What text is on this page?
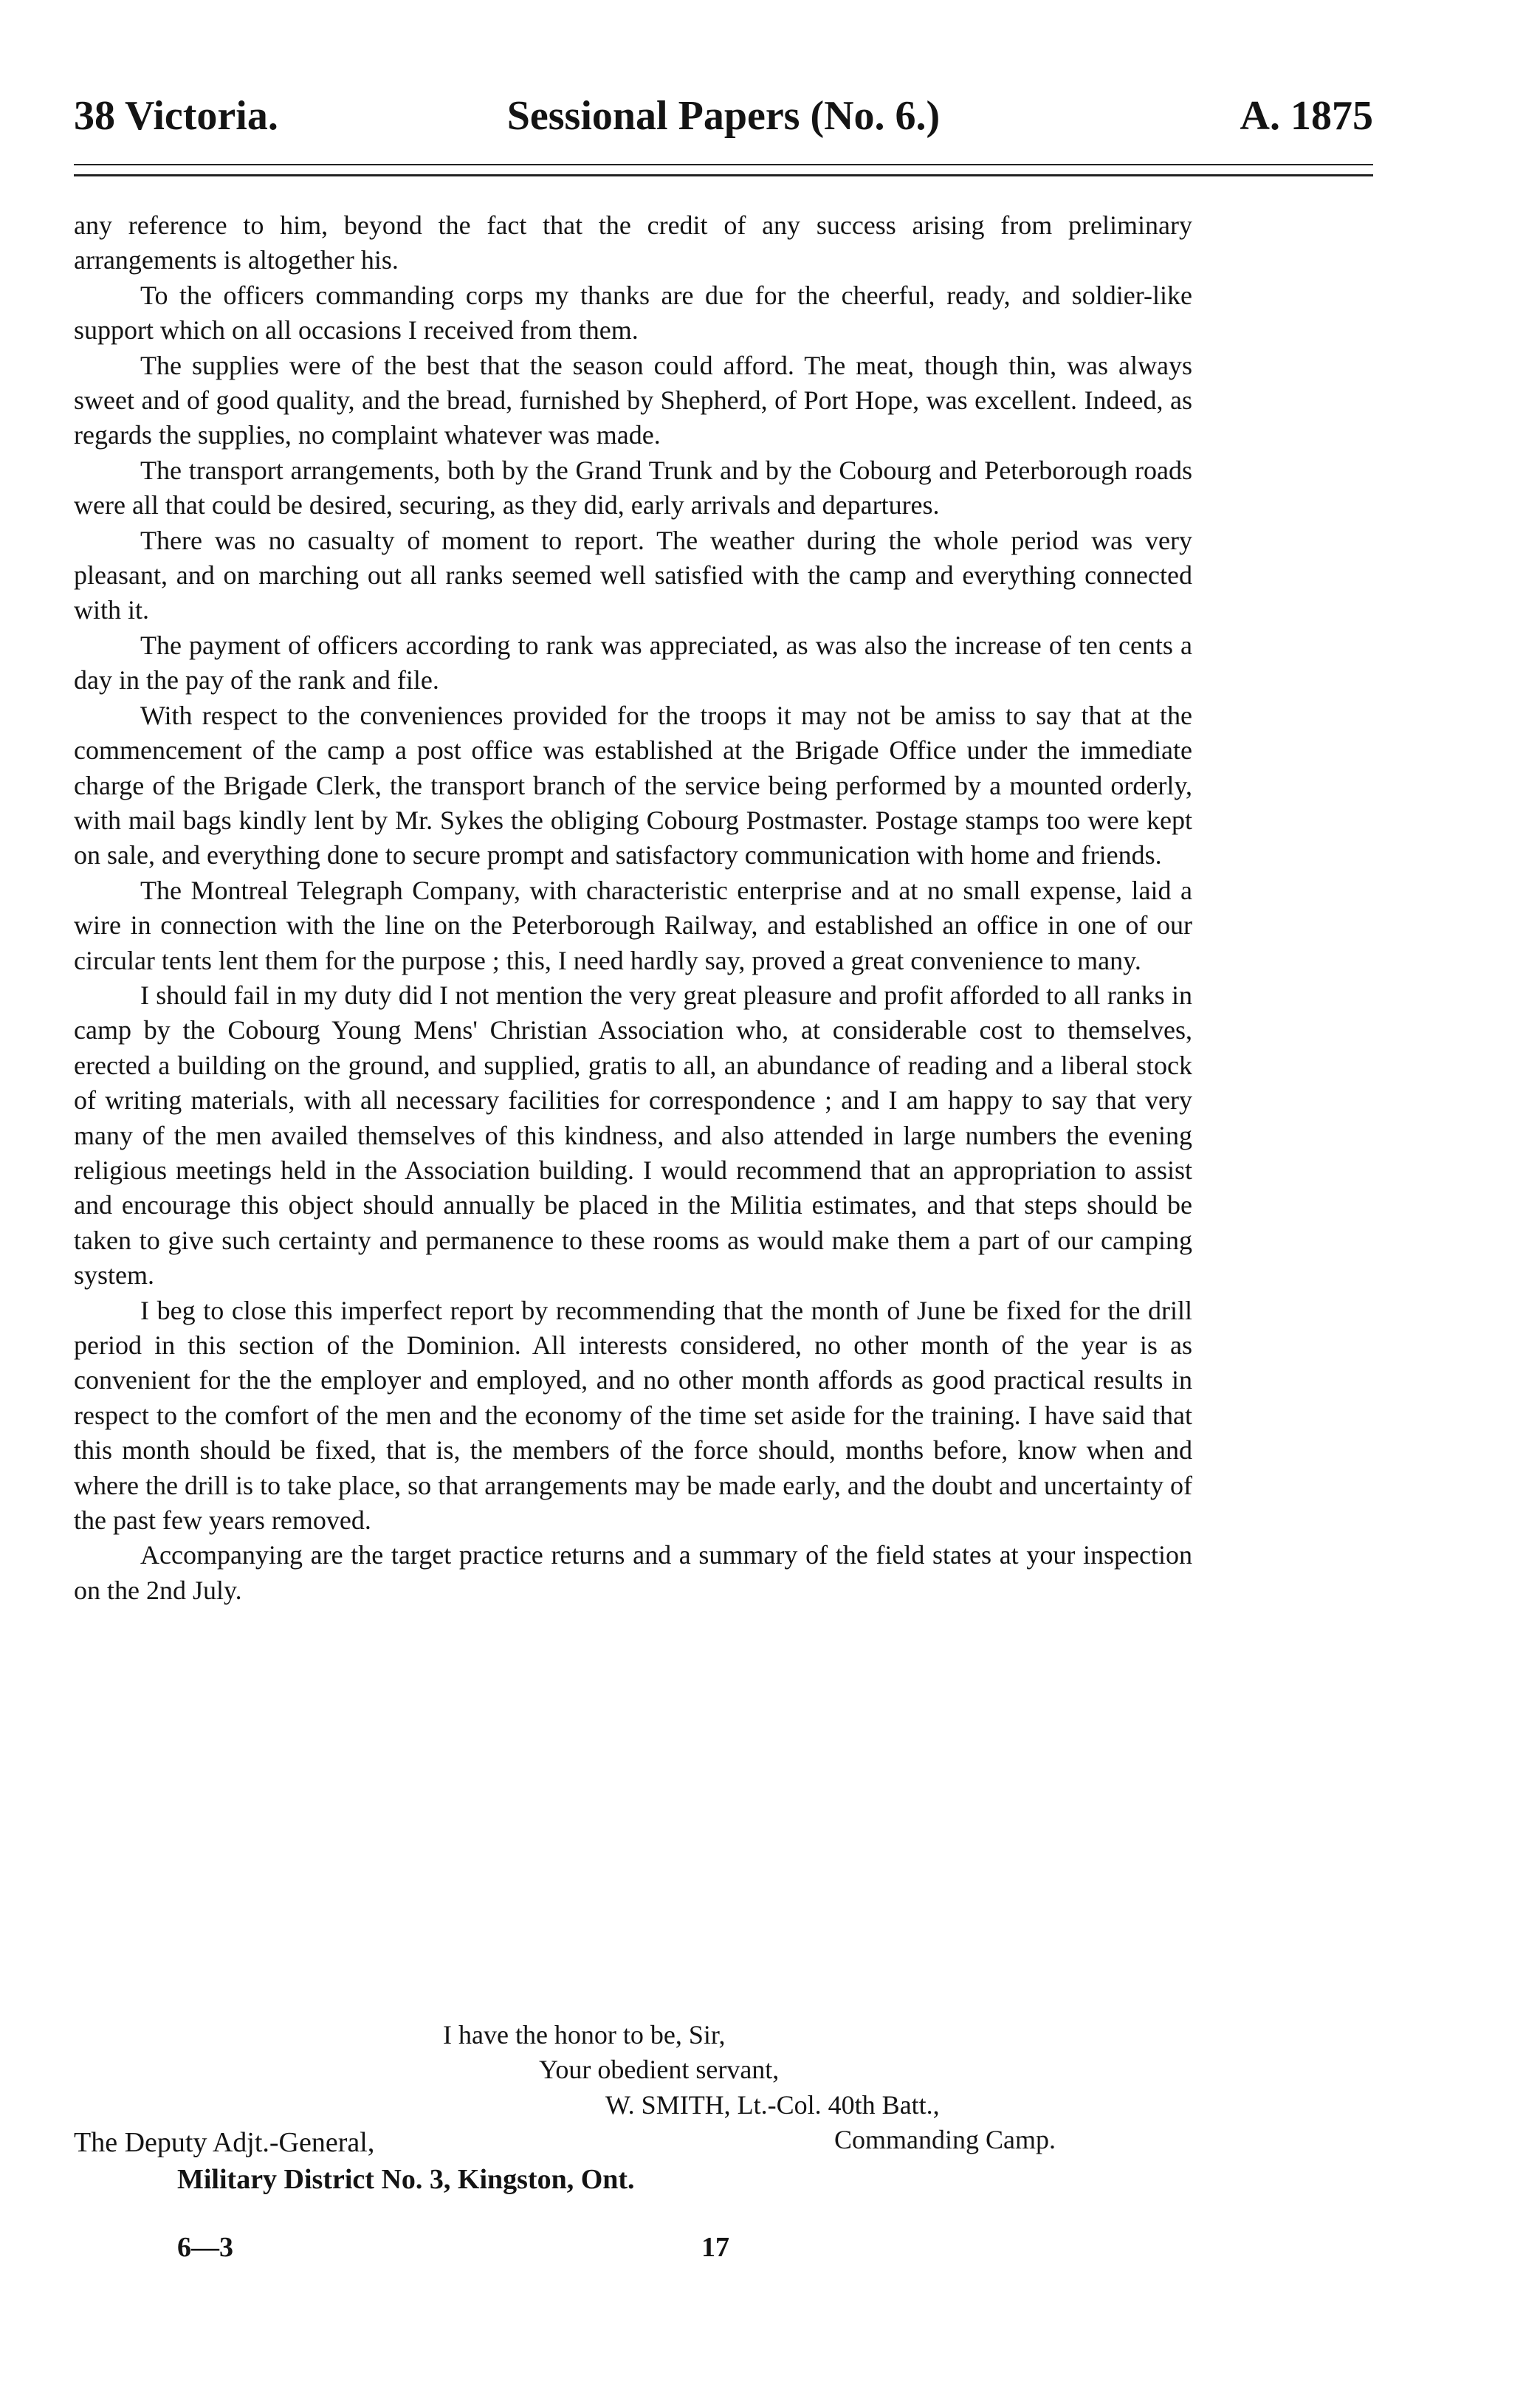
38 Victoria.	Sessional Papers (No. 6.)	A. 1875

any reference to him, beyond the fact that the credit of any success arising from preliminary arrangements is altogether his.

To the officers commanding corps my thanks are due for the cheerful, ready, and soldier-like support which on all occasions I received from them.

The supplies were of the best that the season could afford. The meat, though thin, was always sweet and of good quality, and the bread, furnished by Shepherd, of Port Hope, was excellent. Indeed, as regards the supplies, no complaint whatever was made.

The transport arrangements, both by the Grand Trunk and by the Cobourg and Peterborough roads were all that could be desired, securing, as they did, early arrivals and departures.

There was no casualty of moment to report. The weather during the whole period was very pleasant, and on marching out all ranks seemed well satisfied with the camp and everything connected with it.

The payment of officers according to rank was appreciated, as was also the increase of ten cents a day in the pay of the rank and file.

With respect to the conveniences provided for the troops it may not be amiss to say that at the commencement of the camp a post office was established at the Brigade Office under the immediate charge of the Brigade Clerk, the transport branch of the service being performed by a mounted orderly, with mail bags kindly lent by Mr. Sykes the obliging Cobourg Postmaster. Postage stamps too were kept on sale, and everything done to secure prompt and satisfactory communication with home and friends.

The Montreal Telegraph Company, with characteristic enterprise and at no small expense, laid a wire in connection with the line on the Peterborough Railway, and established an office in one of our circular tents lent them for the purpose ; this, I need hardly say, proved a great convenience to many.

I should fail in my duty did I not mention the very great pleasure and profit afforded to all ranks in camp by the Cobourg Young Mens' Christian Association who, at considerable cost to themselves, erected a building on the ground, and supplied, gratis to all, an abundance of reading and a liberal stock of writing materials, with all necessary facilities for correspondence ; and I am happy to say that very many of the men availed themselves of this kindness, and also attended in large numbers the evening religious meetings held in the Association building. I would recommend that an appropriation to assist and encourage this object should annually be placed in the Militia estimates, and that steps should be taken to give such certainty and permanence to these rooms as would make them a part of our camping system.

I beg to close this imperfect report by recommending that the month of June be fixed for the drill period in this section of the Dominion. All interests considered, no other month of the year is as convenient for the the employer and employed, and no other month affords as good practical results in respect to the comfort of the men and the economy of the time set aside for the training. I have said that this month should be fixed, that is, the members of the force should, months before, know when and where the drill is to take place, so that arrangements may be made early, and the doubt and uncertainty of the past few years removed.

Accompanying are the target practice returns and a summary of the field states at your inspection on the 2nd July.

I have the honor to be, Sir,
Your obedient servant,
W. SMITH, Lt.-Col. 40th Batt.,
Commanding Camp.
The Deputy Adjt.-General,
Military District No. 3, Kingston, Ont.
6—3	17
